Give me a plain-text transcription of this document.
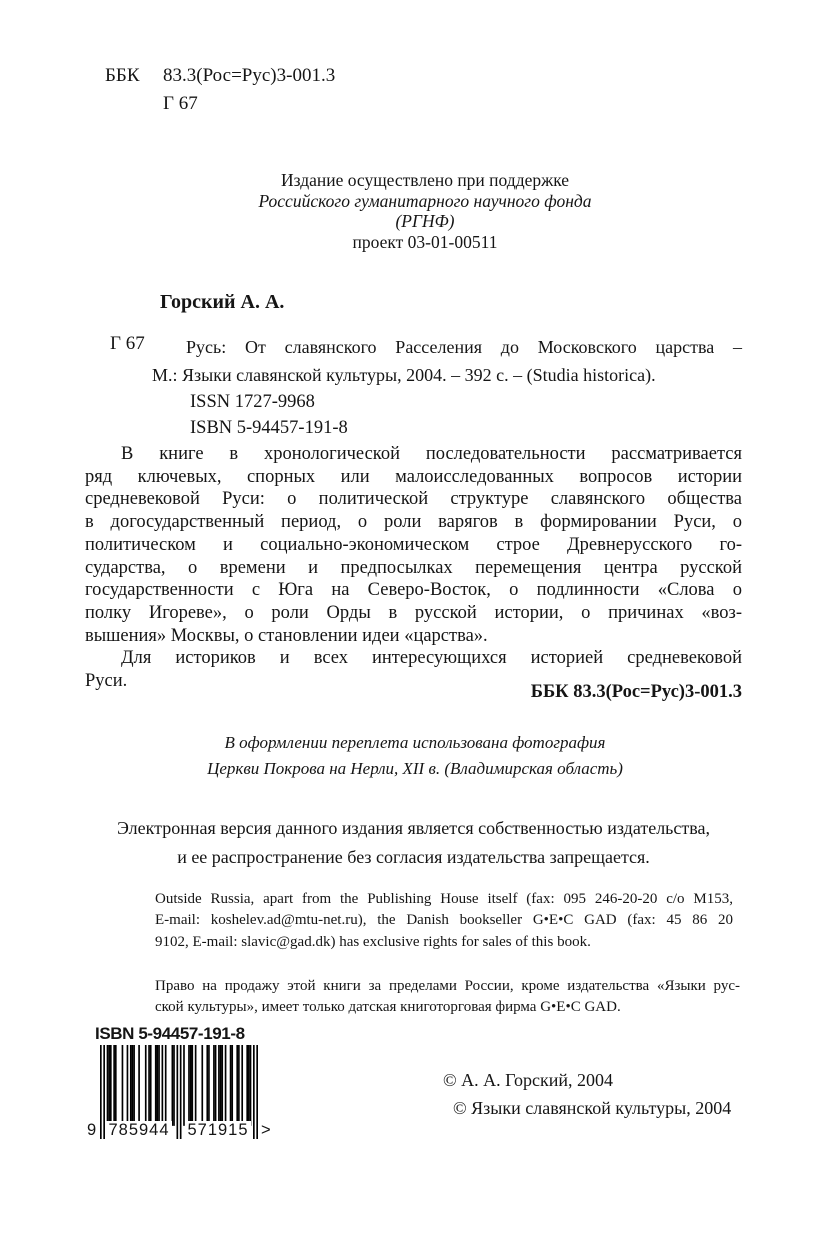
ББК 83.3(Рос=Рус)3-001.3
Г 67
Издание осуществлено при поддержке
Российского гуманитарного научного фонда
(РГНФ)
проект 03-01-00511
Горский А. А.
Г 67	Русь: От славянского Расселения до Московского царства –
М.: Языки славянской культуры, 2004. – 392 с. – (Studia historica).
ISSN 1727-9968
ISBN 5-94457-191-8
В книге в хронологической последовательности рассматривается
ряд ключевых, спорных или малоисследованных вопросов истории
средневековой Руси: о политической структуре славянского общества
в догосударственный период, о роли варягов в формировании Руси, о
политическом и социально-экономическом строе Древнерусского го-
сударства, о времени и предпосылках перемещения центра русской
государственности с Юга на Северо-Восток, о подлинности «Слова о
полку Игореве», о роли Орды в русской истории, о причинах «воз-
вышения» Москвы, о становлении идеи «царства».
Для историков и всех интересующихся историей средневековой
Руси.
ББК 83.3(Рос=Рус)3-001.3
В оформлении переплета использована фотография
Церкви Покрова на Нерли, XII в. (Владимирская область)
Электронная версия данного издания является собственностью издательства,
и ее распространение без согласия издательства запрещается.
Outside Russia, apart from the Publishing House itself (fax: 095 246-20-20 c/o M153,
E-mail: koshelev.ad@mtu-net.ru), the Danish bookseller G•E•C GAD (fax: 45 86 20
9102, E-mail: slavic@gad.dk) has exclusive rights for sales of this book.
Право на продажу этой книги за пределами России, кроме издательства «Языки рус-
ской культуры», имеет только датская книготорговая фирма G•E•C GAD.
ISBN 5-94457-191-8
9 785944 571915 >
© А. А. Горский, 2004
© Языки славянской культуры, 2004
